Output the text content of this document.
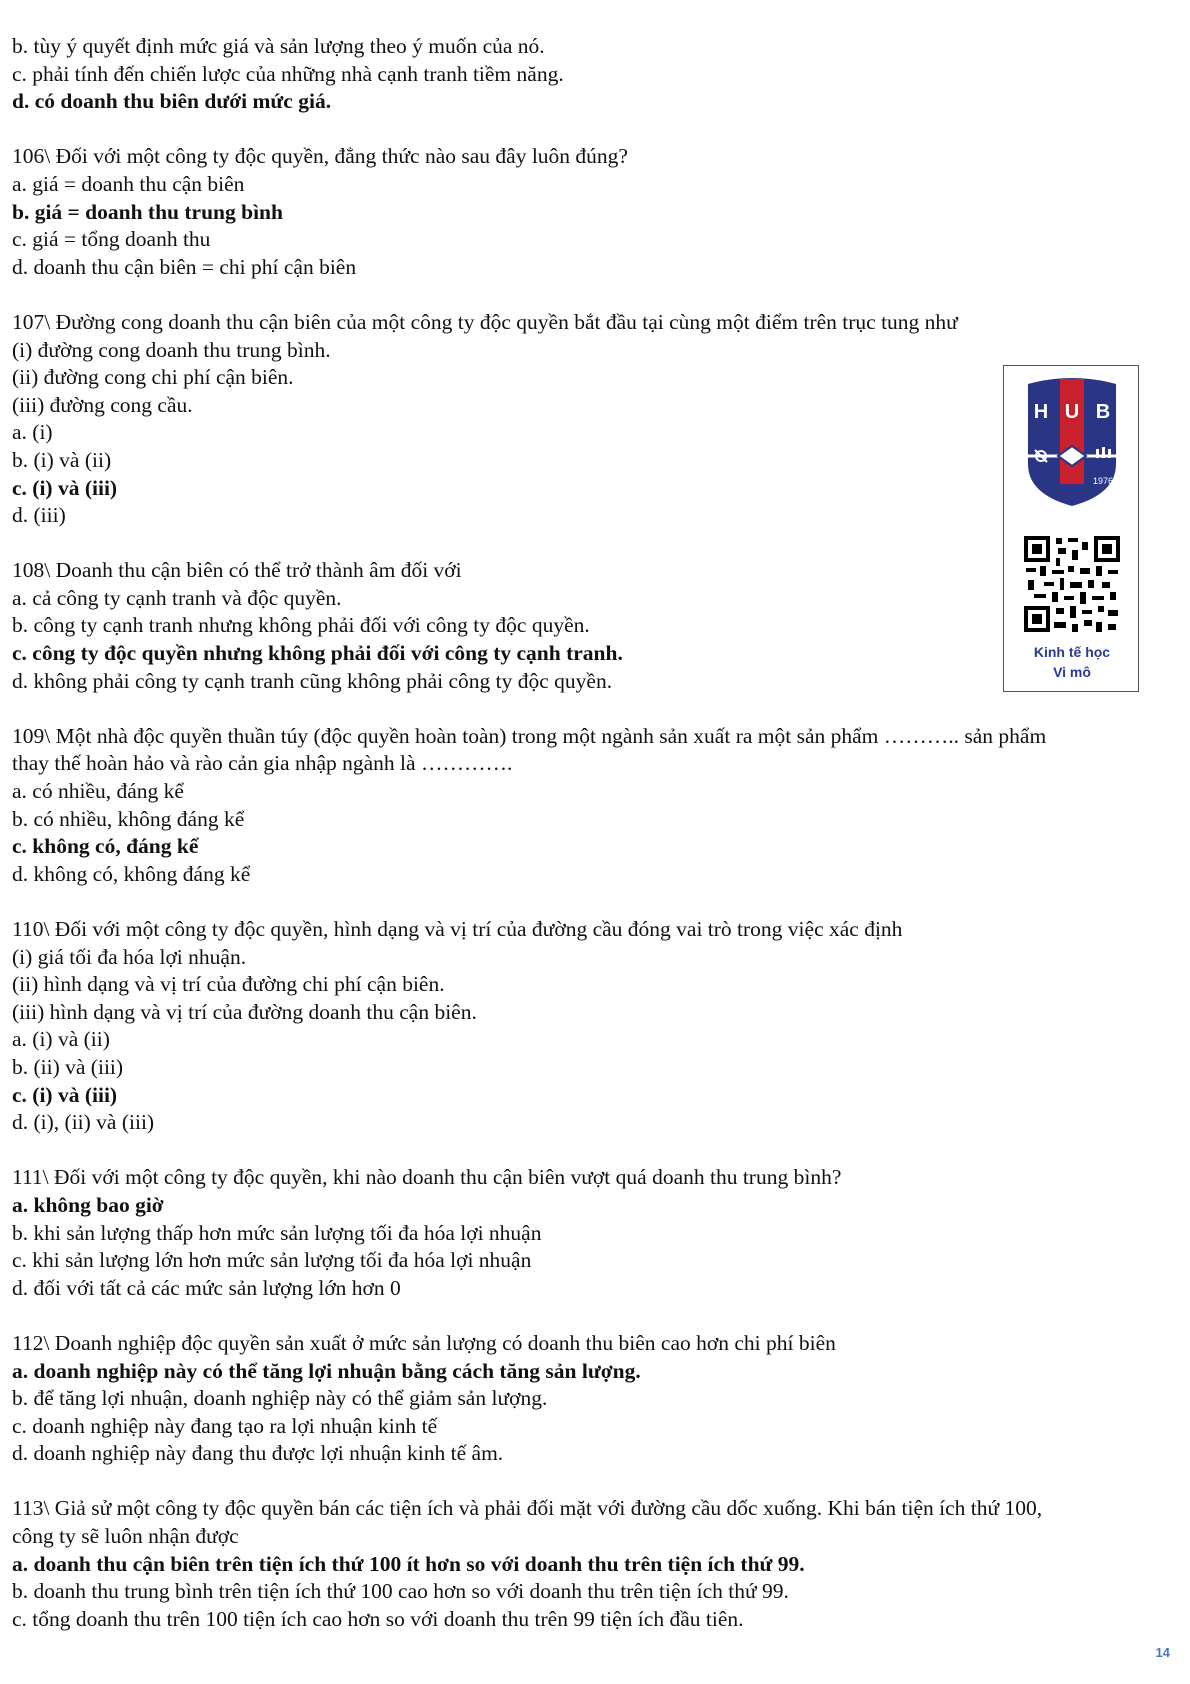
b. tùy ý quyết định mức giá và sản lượng theo ý muốn của nó.
c. phải tính đến chiến lược của những nhà cạnh tranh tiềm năng.
d. có doanh thu biên dưới mức giá.
106\ Đối với một công ty độc quyền, đẳng thức nào sau đây luôn đúng?
a. giá = doanh thu cận biên
b. giá = doanh thu trung bình
c. giá = tổng doanh thu
d. doanh thu cận biên = chi phí cận biên
107\ Đường cong doanh thu cận biên của một công ty độc quyền bắt đầu tại cùng một điểm trên trục tung như
(i) đường cong doanh thu trung bình.
(ii) đường cong chi phí cận biên.
(iii) đường cong cầu.
a. (i)
b. (i) và (ii)
c. (i) và (iii)
d. (iii)
108\ Doanh thu cận biên có thể trở thành âm đối với
a. cả công ty cạnh tranh và độc quyền.
b. công ty cạnh tranh nhưng không phải đối với công ty độc quyền.
c. công ty độc quyền nhưng không phải đối với công ty cạnh tranh.
d. không phải công ty cạnh tranh cũng không phải công ty độc quyền.
109\ Một nhà độc quyền thuần túy (độc quyền hoàn toàn) trong một ngành sản xuất ra một sản phẩm ……….. sản phẩm
thay thế hoàn hảo và rào cản gia nhập ngành là ………….
a. có nhiều, đáng kể
b. có nhiều, không đáng kể
c. không có, đáng kể
d. không có, không đáng kể
110\ Đối với một công ty độc quyền, hình dạng và vị trí của đường cầu đóng vai trò trong việc xác định
(i) giá tối đa hóa lợi nhuận.
(ii) hình dạng và vị trí của đường chi phí cận biên.
(iii) hình dạng và vị trí của đường doanh thu cận biên.
a. (i) và (ii)
b. (ii) và (iii)
c. (i) và (iii)
d. (i), (ii) và (iii)
111\ Đối với một công ty độc quyền, khi nào doanh thu cận biên vượt quá doanh thu trung bình?
a. không bao giờ
b. khi sản lượng thấp hơn mức sản lượng tối đa hóa lợi nhuận
c. khi sản lượng lớn hơn mức sản lượng tối đa hóa lợi nhuận
d. đối với tất cả các mức sản lượng lớn hơn 0
112\ Doanh nghiệp độc quyền sản xuất ở mức sản lượng có doanh thu biên cao hơn chi phí biên
a. doanh nghiệp này có thể tăng lợi nhuận bằng cách tăng sản lượng.
b. để tăng lợi nhuận, doanh nghiệp này có thể giảm sản lượng.
c. doanh nghiệp này đang tạo ra lợi nhuận kinh tế
d. doanh nghiệp này đang thu được lợi nhuận kinh tế âm.
113\ Giả sử một công ty độc quyền bán các tiện ích và phải đối mặt với đường cầu dốc xuống. Khi bán tiện ích thứ 100,
công ty sẽ luôn nhận được
a. doanh thu cận biên trên tiện ích thứ 100 ít hơn so với doanh thu trên tiện ích thứ 99.
b. doanh thu trung bình trên tiện ích thứ 100 cao hơn so với doanh thu trên tiện ích thứ 99.
c. tổng doanh thu trên 100 tiện ích cao hơn so với doanh thu trên 99 tiện ích đầu tiên.
H U B
1976
Kinh tế học
Vi mô
14
